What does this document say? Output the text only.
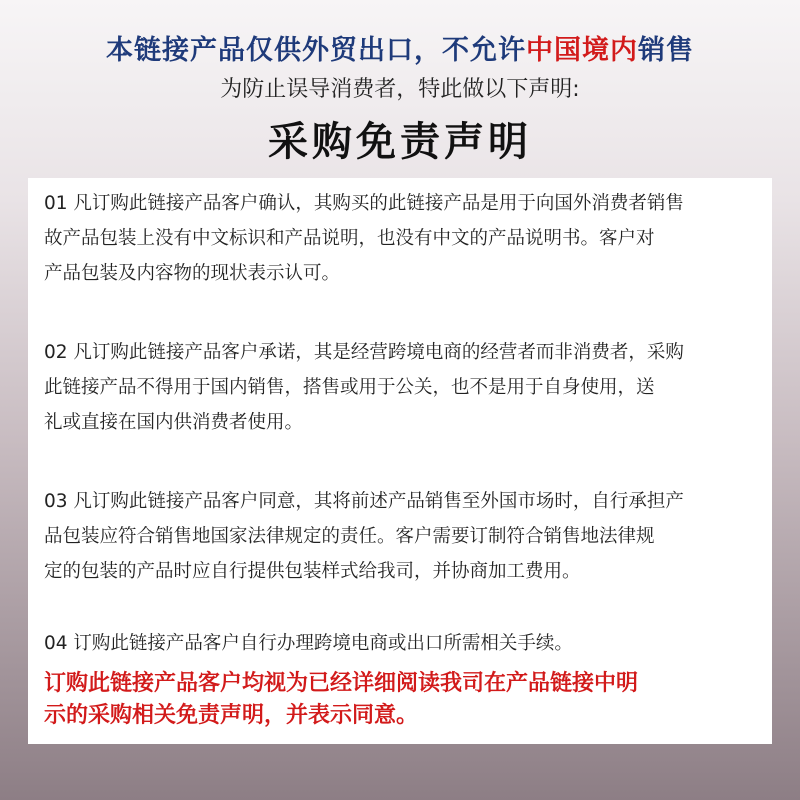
本链接产品仅供外贸出口，不允许中国境内销售
为防止误导消费者，特此做以下声明:
采购免责声明
01 凡订购此链接产品客户确认，其购买的此链接产品是用于向国外消费者销售
故产品包装上没有中文标识和产品说明，也没有中文的产品说明书。客户对
产品包装及内容物的现状表示认可。
02 凡订购此链接产品客户承诺，其是经营跨境电商的经营者而非消费者，采购
此链接产品不得用于国内销售，搭售或用于公关，也不是用于自身使用，送
礼或直接在国内供消费者使用。
03 凡订购此链接产品客户同意，其将前述产品销售至外国市场时，自行承担产
品包装应符合销售地国家法律规定的责任。客户需要订制符合销售地法律规
定的包装的产品时应自行提供包装样式给我司，并协商加工费用。
04 订购此链接产品客户自行办理跨境电商或出口所需相关手续。
订购此链接产品客户均视为已经详细阅读我司在产品链接中明
示的采购相关免责声明，并表示同意。
